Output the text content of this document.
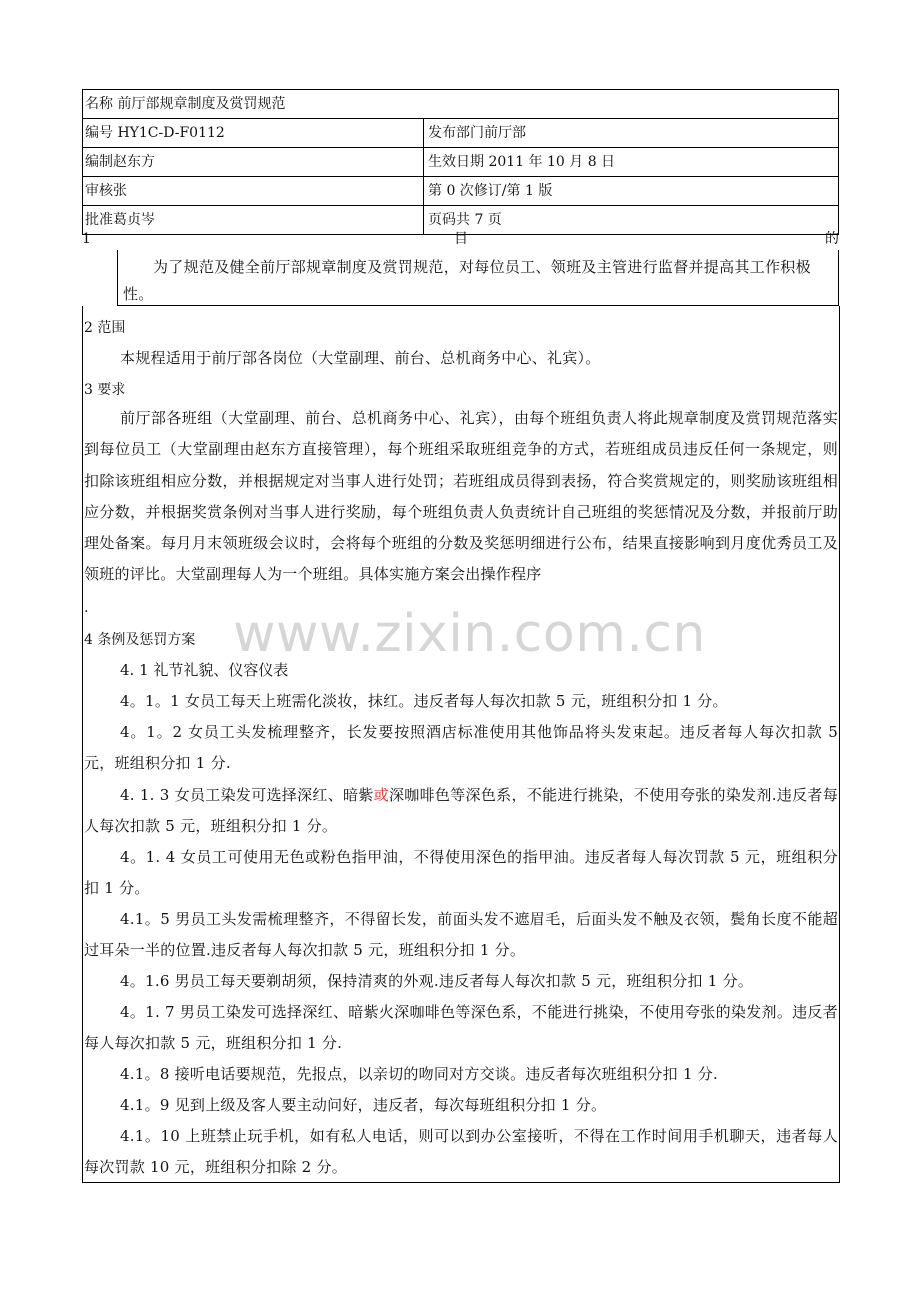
名称 前厅部规章制度及赏罚规范	
编号 HY1C-D-F0112	发布部门前厅部
编制赵东方	生效日期 2011 年 10 月 8 日
审核张	第 0 次修订/第 1 版
批准葛贞岑	页码共 7 页
1	目	的
为了规范及健全前厅部规章制度及赏罚规范，对每位员工、领班及主管进行监督并提高其工作积极性。
2 范围
本规程适用于前厅部各岗位（大堂副理、前台、总机商务中心、礼宾）。
3 要求
前厅部各班组（大堂副理、前台、总机商务中心、礼宾），由每个班组负责人将此规章制度及赏罚规范落实到每位员工（大堂副理由赵东方直接管理），每个班组采取班组竞争的方式，若班组成员违反任何一条规定，则扣除该班组相应分数，并根据规定对当事人进行处罚；若班组成员得到表扬，符合奖赏规定的，则奖励该班组相应分数，并根据奖赏条例对当事人进行奖励，每个班组负责人负责统计自己班组的奖惩情况及分数，并报前厅助理处备案。每月月末领班级会议时，会将每个班组的分数及奖惩明细进行公布，结果直接影响到月度优秀员工及领班的评比。大堂副理每人为一个班组。具体实施方案会出操作程序
.	www.zixin.com.cn
4 条例及惩罚方案
4. 1 礼节礼貌、仪容仪表
4。1。1 女员工每天上班需化淡妆，抹红。违反者每人每次扣款 5 元，班组积分扣 1 分。
4。1。2 女员工头发梳理整齐，长发要按照酒店标准使用其他饰品将头发束起。违反者每人每次扣款 5 元，班组积分扣 1 分.
4. 1. 3 女员工染发可选择深红、暗紫或深咖啡色等深色系，不能进行挑染，不使用夸张的染发剂.违反者每人每次扣款 5 元，班组积分扣 1 分。
4。1. 4 女员工可使用无色或粉色指甲油，不得使用深色的指甲油。违反者每人每次罚款 5 元，班组积分扣 1 分。
4.1。5 男员工头发需梳理整齐，不得留长发，前面头发不遮眉毛，后面头发不触及衣领，鬓角长度不能超过耳朵一半的位置.违反者每人每次扣款 5 元，班组积分扣 1 分。
4。1.6 男员工每天要剃胡须，保持清爽的外观.违反者每人每次扣款 5 元，班组积分扣 1 分。
4。1. 7 男员工染发可选择深红、暗紫火深咖啡色等深色系，不能进行挑染，不使用夸张的染发剂。违反者每人每次扣款 5 元，班组积分扣 1 分.
4.1。8 接听电话要规范，先报点，以亲切的吻同对方交谈。违反者每次班组积分扣 1 分.
4.1。9 见到上级及客人要主动问好，违反者，每次每班组积分扣 1 分。
4.1。10 上班禁止玩手机，如有私人电话，则可以到办公室接听，不得在工作时间用手机聊天，违者每人每次罚款 10 元，班组积分扣除 2 分。
